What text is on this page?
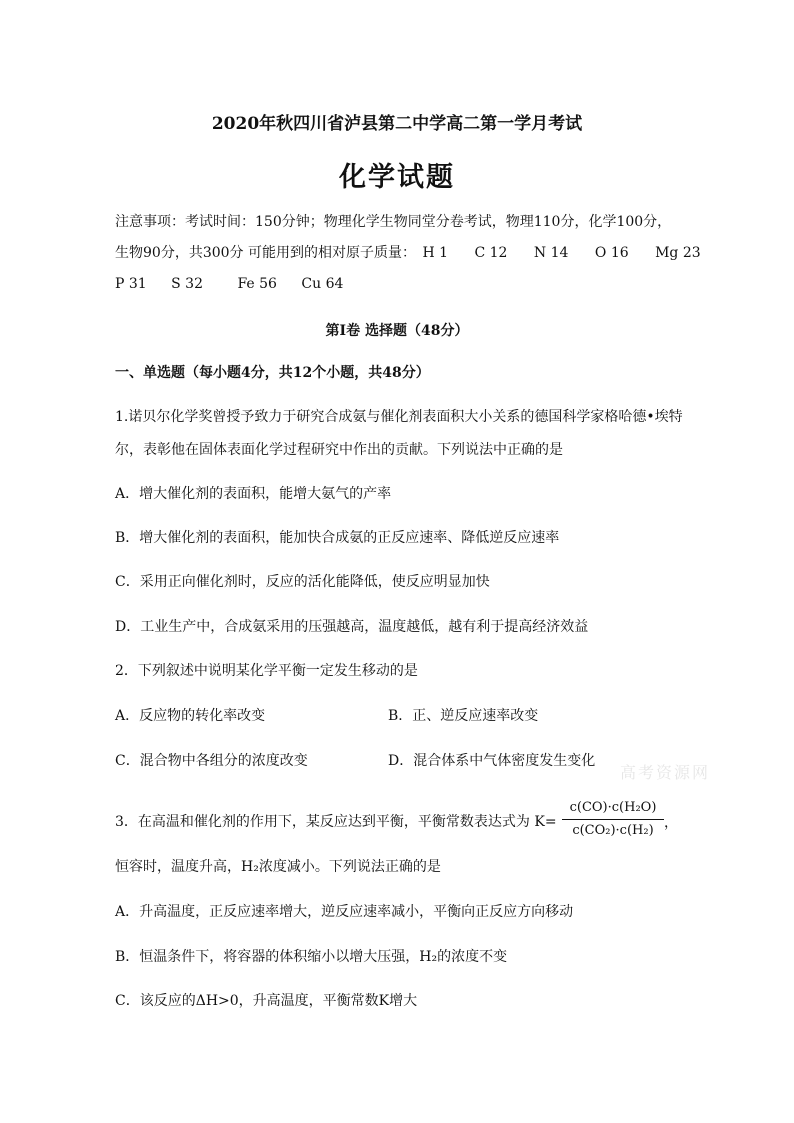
2020年秋四川省泸县第二中学高二第一学月考试
化学试题
注意事项：考试时间：150分钟；物理化学生物同堂分卷考试，物理110分，化学100分，
生物90分，共300分 可能用到的相对原子质量： H 1 C 12 N 14 O 16 Mg 23
P 31 S 32 Fe 56 Cu 64
第I卷 选择题（48分）
一、单选题（每小题4分，共12个小题，共48分）
1.诺贝尔化学奖曾授予致力于研究合成氨与催化剂表面积大小关系的德国科学家格哈德•埃特
尔，表彰他在固体表面化学过程研究中作出的贡献。下列说法中正确的是
A．增大催化剂的表面积，能增大氨气的产率
B．增大催化剂的表面积，能加快合成氨的正反应速率、降低逆反应速率
C．采用正向催化剂时，反应的活化能降低，使反应明显加快
D．工业生产中，合成氨采用的压强越高，温度越低，越有利于提高经济效益
2．下列叙述中说明某化学平衡一定发生移动的是
A．反应物的转化率改变	B．正、逆反应速率改变
C．混合物中各组分的浓度改变	D．混合体系中气体密度发生变化
高考资源网
3．在高温和催化剂的作用下，某反应达到平衡，平衡常数表达式为 K=
c(CO)·c(H₂O)
c(CO₂)·c(H₂) ，
恒容时，温度升高，H₂浓度减小。下列说法正确的是
A．升高温度，正反应速率增大，逆反应速率减小，平衡向正反应方向移动
B．恒温条件下，将容器的体积缩小以增大压强，H₂的浓度不变
C．该反应的ΔH>0，升高温度，平衡常数K增大
